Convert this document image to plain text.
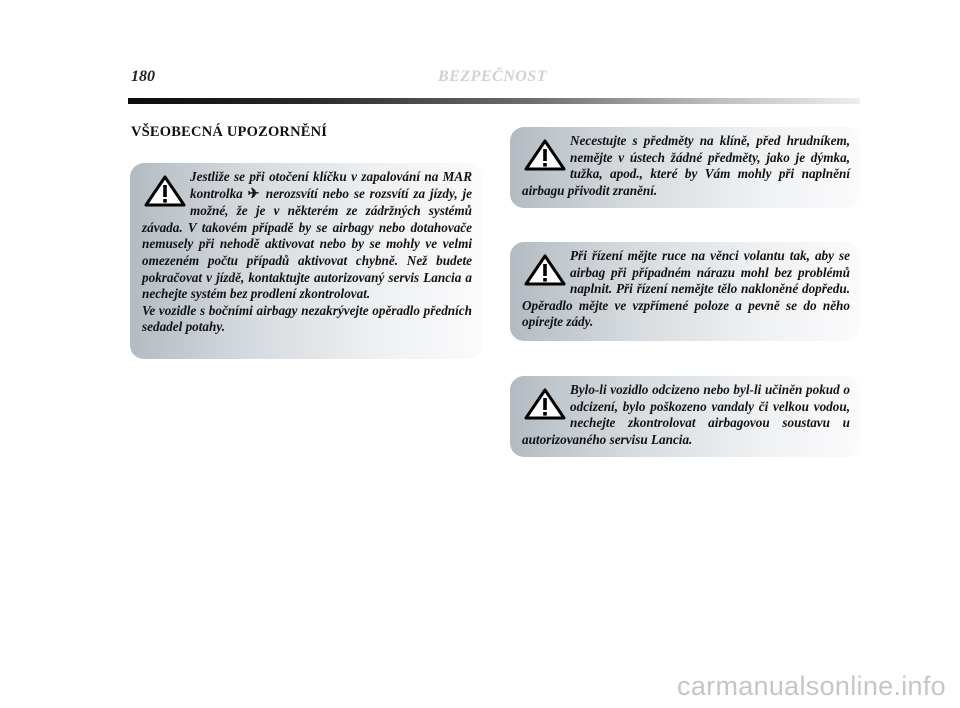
180	BEZPEČNOST
VŠEOBECNÁ UPOZORNĚNÍ

Jestliže se při otočení klíčku v zapalování na MAR kontrolka ✈ nerozsvítí nebo se rozsvítí za jízdy, je možné, že je v některém ze zádržných systémů závada. V takovém případě by se airbagy nebo dotahovače nemusely při nehodě aktivovat nebo by se mohly ve velmi omezeném počtu případů aktivovat chybně. Než budete pokračovat v jízdě, kontaktujte autorizovaný servis Lancia a nechejte systém bez prodlení zkontrolovat.

Ve vozidle s bočními airbagy nezakrývejte opěradlo předních sedadel potahy.

Necestujte s předměty na klíně, před hrudníkem, nemějte v ústech žádné předměty, jako je dýmka, tužka, apod., které by Vám mohly při naplnění airbagu přivodit zranění.

Při řízení mějte ruce na věnci volantu tak, aby se airbag při případném nárazu mohl bez problémů naplnit. Při řízení nemějte tělo nakloněné dopředu. Opěradlo mějte ve vzpřímené poloze a pevně se do něho opírejte zády.

Bylo-li vozidlo odcizeno nebo byl-li učiněn pokud o odcizení, bylo poškozeno vandaly či velkou vodou, nechejte zkontrolovat airbagovou soustavu u autorizovaného servisu Lancia.

carmanualsonline.info
